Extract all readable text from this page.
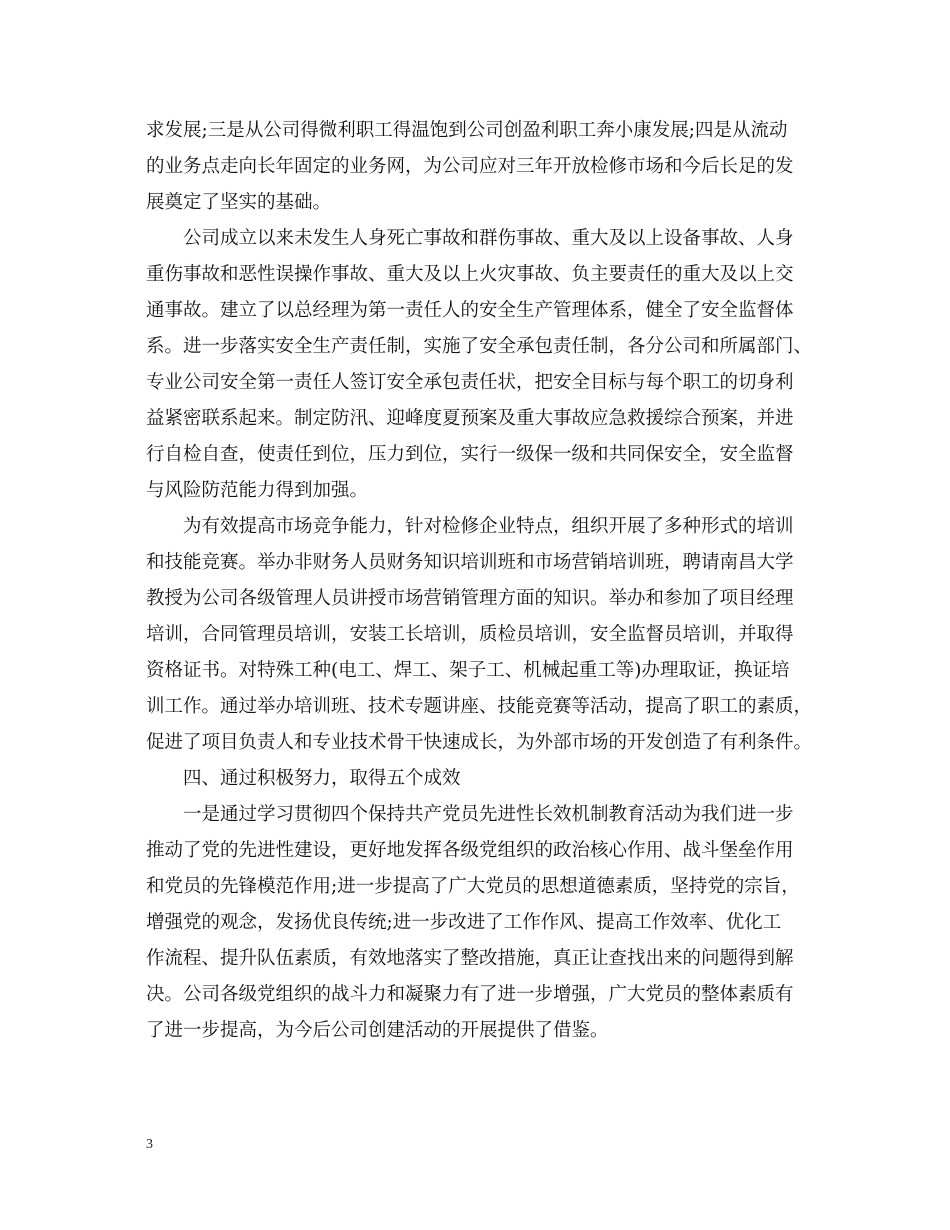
求发展;三是从公司得微利职工得温饱到公司创盈利职工奔小康发展;四是从流动
的业务点走向长年固定的业务网，为公司应对三年开放检修市场和今后长足的发
展奠定了坚实的基础。
公司成立以来未发生人身死亡事故和群伤事故、重大及以上设备事故、人身
重伤事故和恶性误操作事故、重大及以上火灾事故、负主要责任的重大及以上交
通事故。建立了以总经理为第一责任人的安全生产管理体系，健全了安全监督体
系。进一步落实安全生产责任制，实施了安全承包责任制，各分公司和所属部门、
专业公司安全第一责任人签订安全承包责任状，把安全目标与每个职工的切身利
益紧密联系起来。制定防汛、迎峰度夏预案及重大事故应急救援综合预案，并进
行自检自查，使责任到位，压力到位，实行一级保一级和共同保安全，安全监督
与风险防范能力得到加强。
为有效提高市场竞争能力，针对检修企业特点，组织开展了多种形式的培训
和技能竞赛。举办非财务人员财务知识培训班和市场营销培训班，聘请南昌大学
教授为公司各级管理人员讲授市场营销管理方面的知识。举办和参加了项目经理
培训，合同管理员培训，安装工长培训，质检员培训，安全监督员培训，并取得
资格证书。对特殊工种(电工、焊工、架子工、机械起重工等)办理取证，换证培
训工作。通过举办培训班、技术专题讲座、技能竞赛等活动，提高了职工的素质，
促进了项目负责人和专业技术骨干快速成长，为外部市场的开发创造了有利条件。
四、通过积极努力，取得五个成效
一是通过学习贯彻四个保持共产党员先进性长效机制教育活动为我们进一步
推动了党的先进性建设，更好地发挥各级党组织的政治核心作用、战斗堡垒作用
和党员的先锋模范作用;进一步提高了广大党员的思想道德素质，坚持党的宗旨，
增强党的观念，发扬优良传统;进一步改进了工作作风、提高工作效率、优化工
作流程、提升队伍素质，有效地落实了整改措施，真正让查找出来的问题得到解
决。公司各级党组织的战斗力和凝聚力有了进一步增强，广大党员的整体素质有
了进一步提高，为今后公司创建活动的开展提供了借鉴。
3
